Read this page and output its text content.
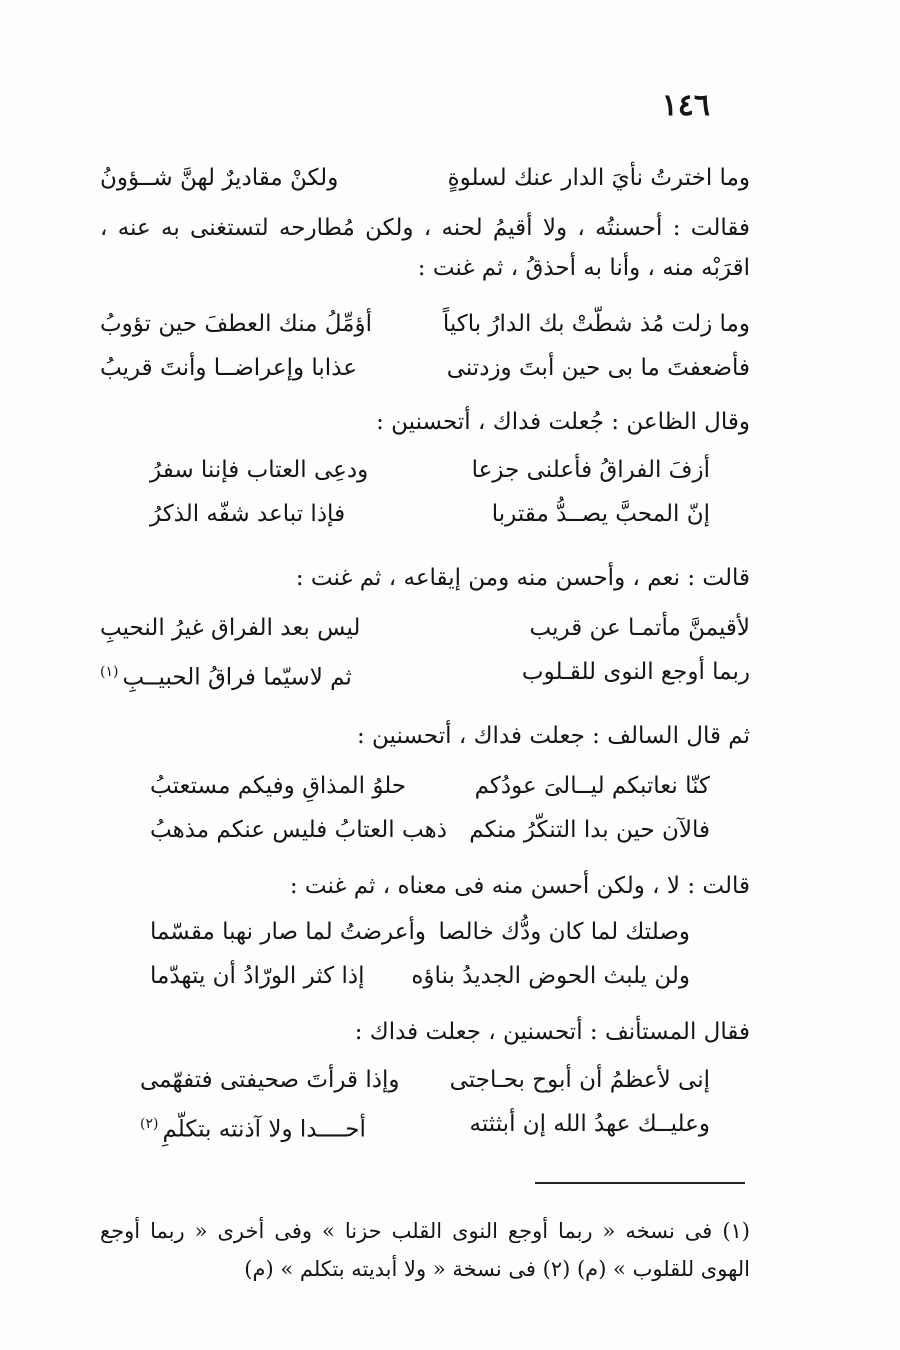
١٤٦
وما اخترتُ نأيَ الدار عنك لسلوةٍ
ولكنْ مقاديرٌ لهنَّ شــؤونُ
فقالت : أحسنتُه ، ولا أقيمُ لحنه ، ولكن مُطارحه لتستغنى به عنه ، اقرَبْه منه ، وأنا به أحذقُ ، ثم غنت :
وما زلت مُذ شطّتْ بك الدارُ باكياً
أؤمِّلُ منك العطفَ حين تؤوبُ
فأضعفتَ ما بى حين أبتَ وزدتنى
عذابا وإعراضــا وأنتَ قريبُ
وقال الظاعن : جُعلت فداك ، أتحسنين :
أزفَ الفراقُ فأعلنى جزعا
ودعِى العتاب فإننا سفرُ
إنّ المحبَّ يصــدُّ مقتربا
فإذا تباعد شفّه الذكرُ
قالت : نعم ، وأحسن منه ومن إيقاعه ، ثم غنت :
لأقيمنَّ مأتمـا عن قريب
ليس بعد الفراق غيرُ النحيبِ
ربما أوجع النوى للقـلوب
ثم لاسيّما فراقُ الحبيــبِ$^{(١)}$
ثم قال السالف : جعلت فداك ، أتحسنين :
كنّا نعاتبكم ليــالىَ عودُكم
حلوُ المذاقِ وفيكم مستعتبُ
فالآن حين بدا التنكّرُ منكم
ذهب العتابُ فليس عنكم مذهبُ
قالت : لا ، ولكن أحسن منه فى معناه ، ثم غنت :
وصلتك لما كان ودُّك خالصا
وأعرضتُ لما صار نهبا مقسّما
ولن يلبث الحوض الجديدُ بناؤه
إذا كثر الورّادُ أن يتهدّما
فقال المستأنف : أتحسنين ، جعلت فداك :
إنى لأعظمُ أن أبوح بحـاجتى
وإذا قرأتَ صحيفتى فتفهّمى
وعليــك عهدُ الله إن أبثثته
أحــــدا ولا آذنته بتكلّمِ$^{(٢)}$
(١) فى نسخه « ربما أوجع النوى القلب حزنا » وفى أخرى « ربما أوجع الهوى للقلوب » (م) (٢) فى نسخة « ولا أبديته بتكلم » (م)
